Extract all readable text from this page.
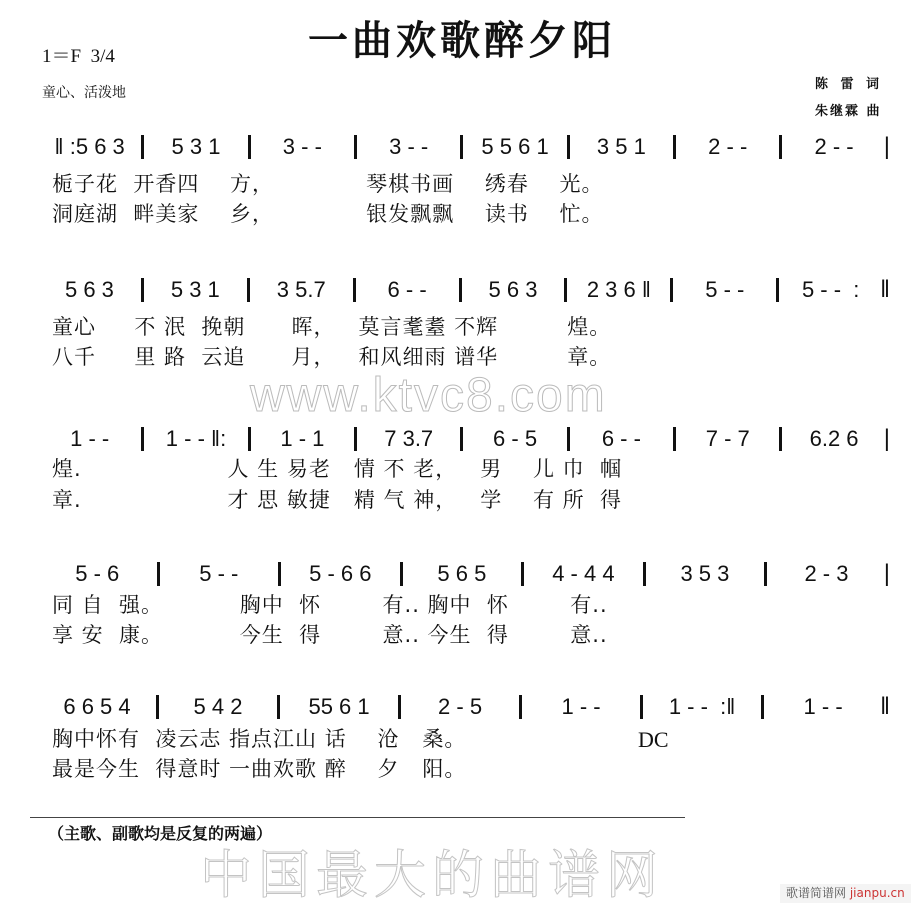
一曲欢歌醉夕阳
1＝F  3/4
童心、活泼地
陈 雷 词
朱继霖 曲
www.ktvc8.com
中国最大的曲谱网
‖ :5 6 3	5 3 1	3 - -	3 - -	5 5 6 1	3 5 1	2 - -	2 - -	|
栀子花  开香四    方，            琴棋书画    绣春    光。
洞庭湖  畔美家    乡，            银发飘飘    读书    忙。
5 6 3	5 3 1	3 5.7	6 - -	5 6 3	2 3 6 ‖	5 - -	5 - -  : ‖
童心     不 泯  挽朝      晖，   莫言耄耋 不辉         煌。
八千     里 路  云追      月，   和风细雨 谱华         章。
1 - -	1 - - ‖:	1 - 1	7 3.7	6 - 5	6 - -	7 - 7	6.2 6	|
煌.                   人 生 易老   情 不 老，   男    儿 巾  帼
章.                   才 思 敏捷   精 气 神，   学    有 所  得
5 - 6	5 - -	5 - 6 6	5 6 5	4 - 4 4	3 5 3	2 - 3	|
同 自  强。          胸中  怀        有.. 胸中  怀        有..
享 安  康。          今生  得        意.. 今生  得        意..
6 6 5 4	5 4 2	55 6 1	2 - 5	1 - -	1 - -  :‖	1 - -	‖
胸中怀有  凌云志 指点江山 话    沧   桑。
最是今生  得意时 一曲欢歌 醉    夕   阳。
DC
（主歌、副歌均是反复的两遍）
歌谱简谱网 jianpu.cn
